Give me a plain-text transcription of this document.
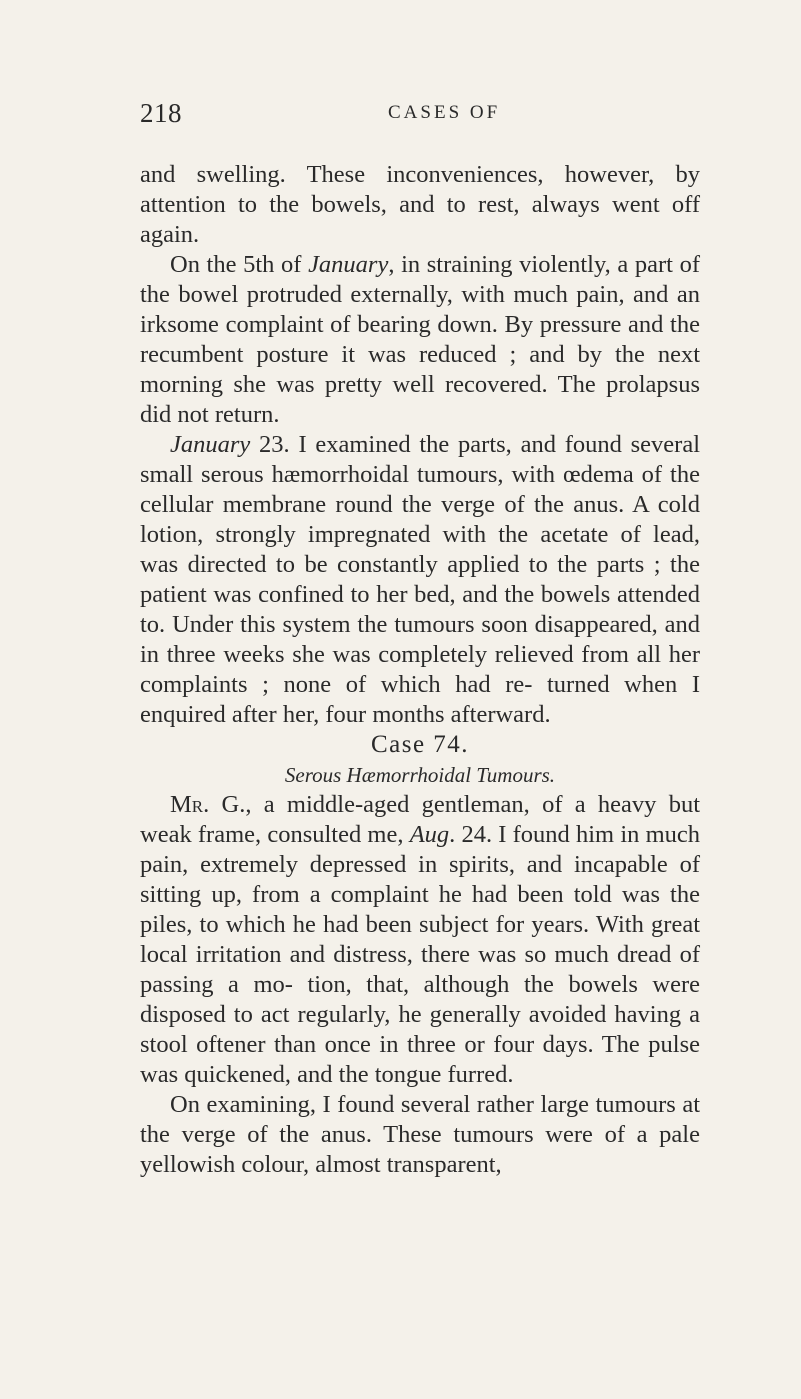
218	CASES OF

and swelling. These inconveniences, however, by attention to the bowels, and to rest, always went off again.

On the 5th of January, in straining violently, a part of the bowel protruded externally, with much pain, and an irksome complaint of bearing down. By pressure and the recumbent posture it was reduced ; and by the next morning she was pretty well recovered. The prolapsus did not return.

January 23. I examined the parts, and found several small serous hæmorrhoidal tumours, with œdema of the cellular membrane round the verge of the anus. A cold lotion, strongly impregnated with the acetate of lead, was directed to be constantly applied to the parts ; the patient was confined to her bed, and the bowels attended to. Under this system the tumours soon disappeared, and in three weeks she was completely relieved from all her complaints ; none of which had re- turned when I enquired after her, four months afterward.

Case 74.

Serous Hæmorrhoidal Tumours.

Mr. G., a middle-aged gentleman, of a heavy but weak frame, consulted me, Aug. 24. I found him in much pain, extremely depressed in spirits, and incapable of sitting up, from a complaint he had been told was the piles, to which he had been subject for years. With great local irritation and distress, there was so much dread of passing a mo- tion, that, although the bowels were disposed to act regularly, he generally avoided having a stool oftener than once in three or four days. The pulse was quickened, and the tongue furred.

On examining, I found several rather large tumours at the verge of the anus. These tumours were of a pale yellowish colour, almost transparent,
